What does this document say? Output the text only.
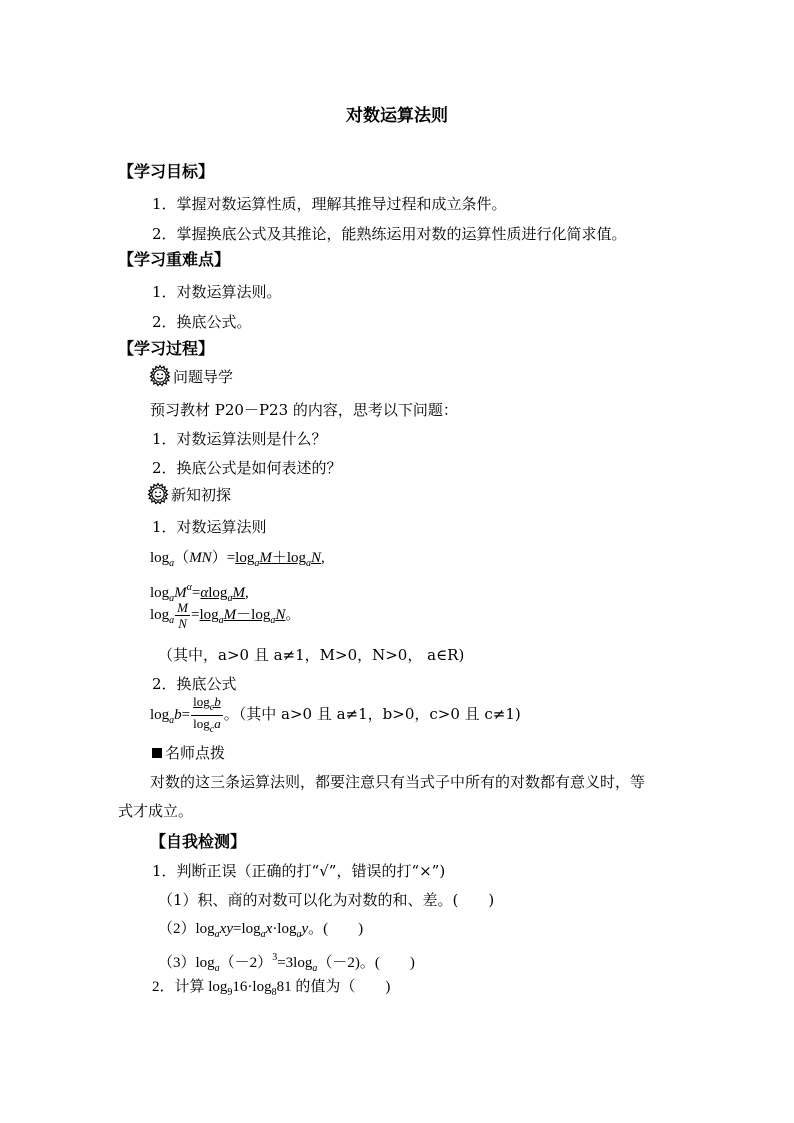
对数运算法则
【学习目标】
1．掌握对数运算性质，理解其推导过程和成立条件。
2．掌握换底公式及其推论，能熟练运用对数的运算性质进行化简求值。
【学习重难点】
1．对数运算法则。
2．换底公式。
【学习过程】
问题导学
预习教材 P20－P23 的内容，思考以下问题：
1．对数运算法则是什么？
2．换底公式是如何表述的？
新知初探
1．对数运算法则
$\log_a(MN)=\log_aM+\log_aN$,
$\log_aM^\alpha=\alpha\log_aM$,
$\log_a \frac{M}{N} =\log_aM-\log_aN$。
（其中，a>0 且 a≠1，M>0，N>0， a∈R)
2．换底公式
$\log_ab= \frac{\log_cb}{\log_ca}$ 。（其中 a>0 且 a≠1，b>0，c>0 且 c≠1)
名师点拨
对数的这三条运算法则，都要注意只有当式子中所有的对数都有意义时，等
式才成立。
【自我检测】
1．判断正误（正确的打“√”，错误的打“×”)
（1）积、商的对数可以化为对数的和、差。(　　)
$(2)\log_axy=\log_ax\cdot\log_ay$。(　　)
$(3)\log_a(-2)^3=3\log_a(-2)$。(　　)
2．计算 $\log_916\cdot\log_881$ 的值为（　　)
